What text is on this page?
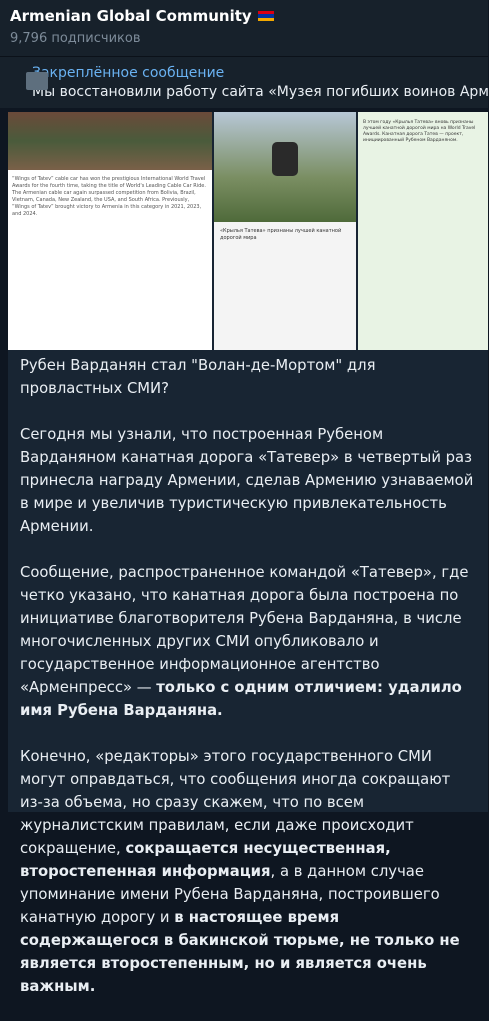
Armenian Global Community
9,796 подписчиков
Закреплённое сообщение
Мы восстановили работу сайта «Музея погибших воинов Арм
“Wings of Tatev” cable car has won the prestigious International World Travel Awards for the fourth time, taking the title of World's Leading Cable Car Ride. The Armenian cable car again surpassed competition from Bolivia, Brazil, Vietnam, Canada, New Zealand, the USA, and South Africa. Previously, “Wings of Tatev” brought victory to Armenia in this category in 2021, 2023, and 2024.
«Крылья Татева» признаны лучшей канатной дорогой мира
В этом году «Крылья Татева» вновь признаны лучшей канатной дорогой мира на World Travel Awards. Канатная дорога Татев — проект, инициированный Рубеном Варданяном.

Рубен Варданян стал "Волан-де-Мортом" для провластных СМИ?

Сегодня мы узнали, что построенная Рубеном Варданяном канатная дорога «Татевер» в четвертый раз принесла награду Армении, сделав Армению узнаваемой в мире и увеличив туристическую привлекательность Армении.

Сообщение, распространенное командой «Татевер», где четко указано, что канатная дорога была построена по инициативе благотворителя Рубена Варданяна, в числе многочисленных других СМИ опубликовало и государственное информационное агентство «Арменпресс» — только с одним отличием: удалило имя Рубена Варданяна.

Конечно, «редакторы» этого государственного СМИ могут оправдаться, что сообщения иногда сокращают из-за объема, но сразу скажем, что по всем журналистским правилам, если даже происходит сокращение, сокращается несущественная, второстепенная информация, а в данном случае упоминание имени Рубена Варданяна, построившего канатную дорогу и в настоящее время содержащегося в бакинской тюрьме, не только не является второстепенным, но и является очень важным.
